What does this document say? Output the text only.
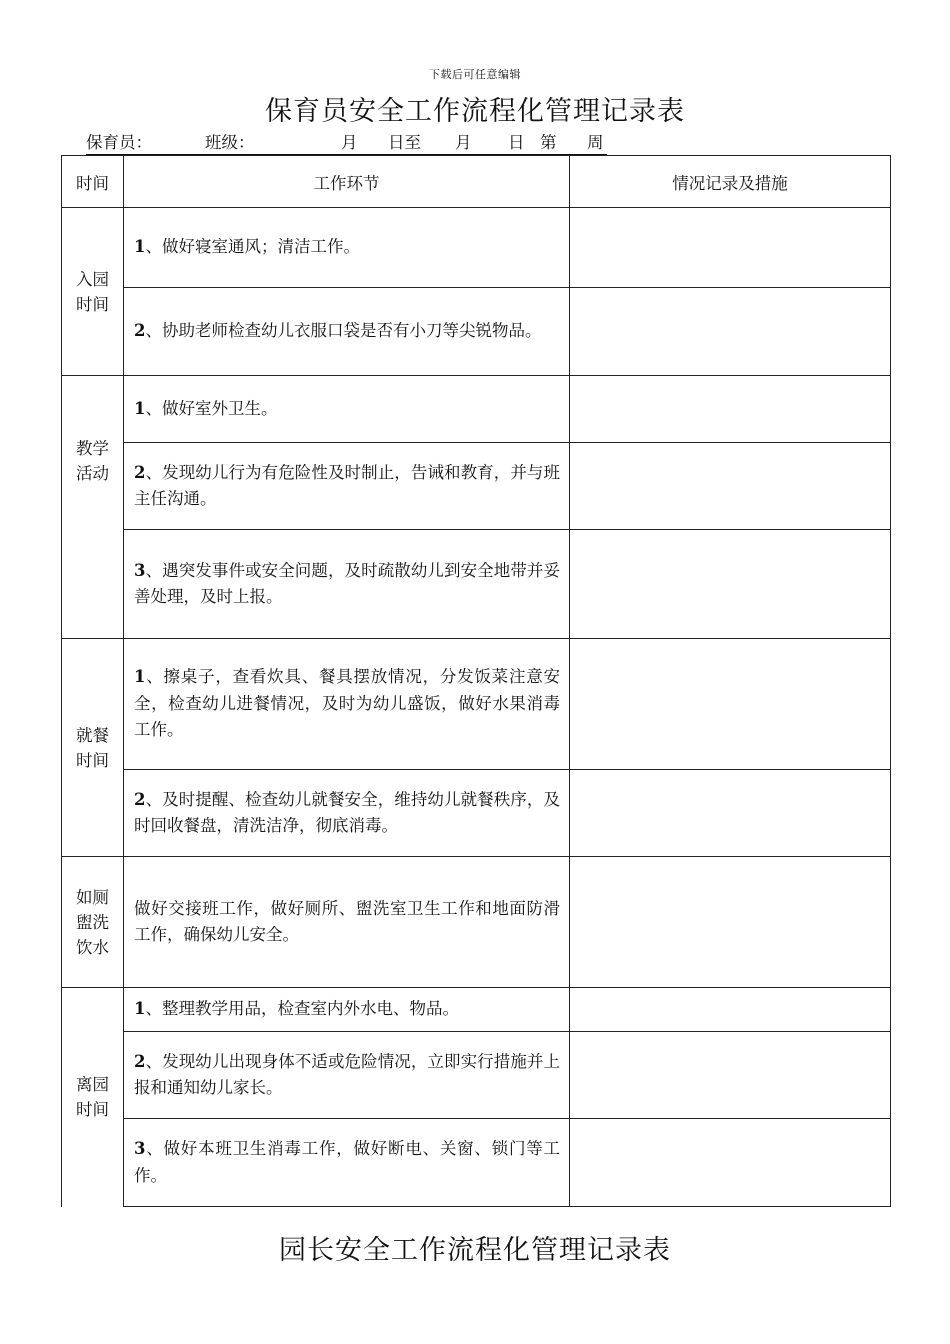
下载后可任意编辑
保育员安全工作流程化管理记录表
保育员：	班级：	月 日至 月 日 第 周
时间	工作环节	情况记录及措施

入园
时间	1、做好寝室通风；清洁工作。	
	2、协助老师检查幼儿衣服口袋是否有小刀等尖锐物品。	

教学
活动	1、做好室外卫生。	
	2、发现幼儿行为有危险性及时制止，告诫和教育，并与班主任沟通。	
	3、遇突发事件或安全问题，及时疏散幼儿到安全地带并妥善处理，及时上报。	

就餐
时间	1、擦桌子，查看炊具、餐具摆放情况，分发饭菜注意安全，检查幼儿进餐情况，及时为幼儿盛饭，做好水果消毒工作。	
	2、及时提醒、检查幼儿就餐安全，维持幼儿就餐秩序，及时回收餐盘，清洗洁净，彻底消毒。	

如厕
盥洗
饮水	做好交接班工作，做好厕所、盥洗室卫生工作和地面防滑工作，确保幼儿安全。	

离园
时间	1、整理教学用品，检查室内外水电、物品。	
	2、发现幼儿出现身体不适或危险情况，立即实行措施并上报和通知幼儿家长。	
	3、做好本班卫生消毒工作，做好断电、关窗、锁门等工作。	
园长安全工作流程化管理记录表
